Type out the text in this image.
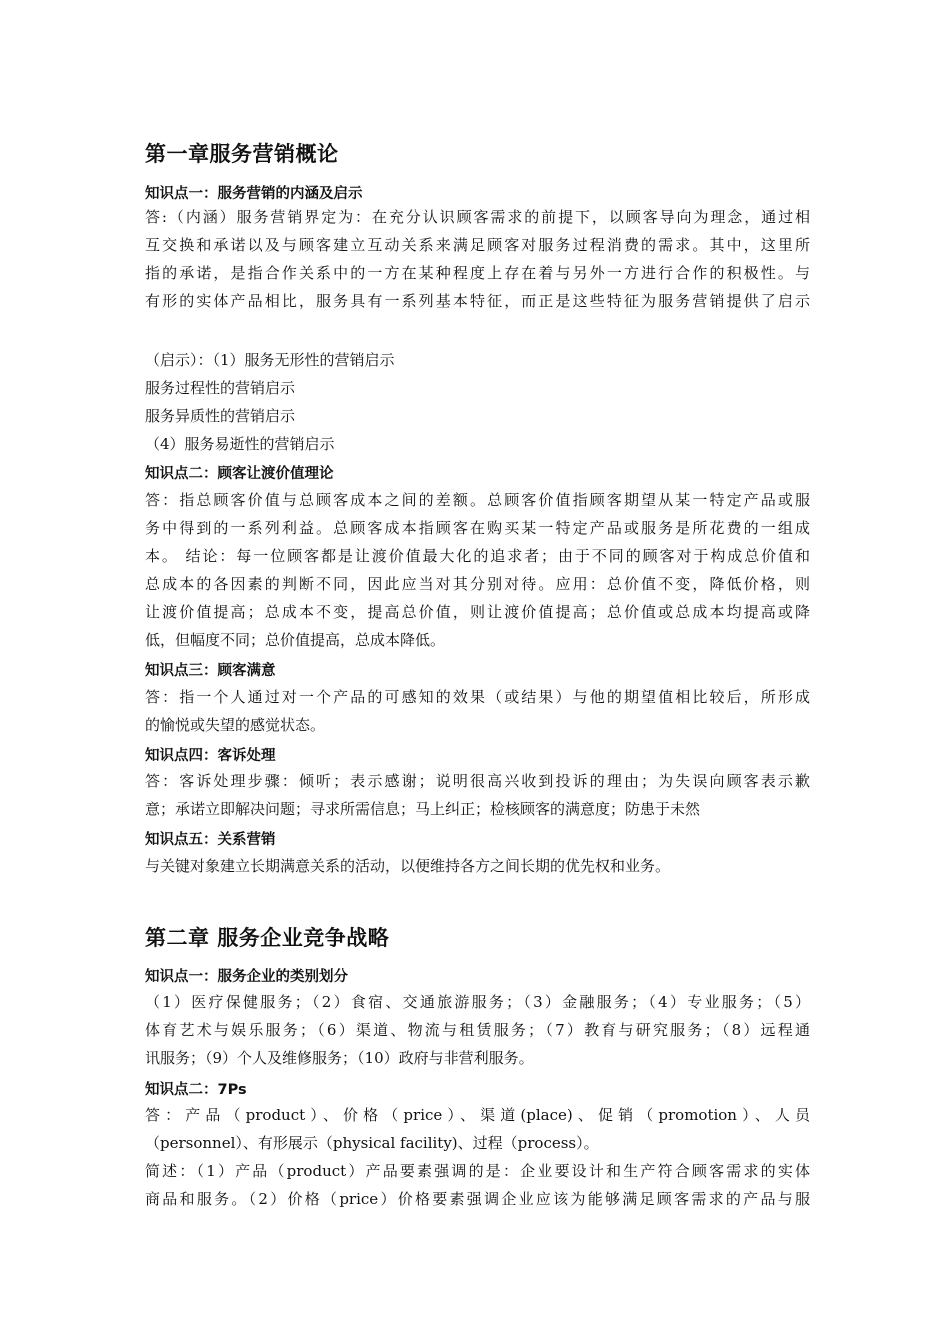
第一章服务营销概论
知识点一：服务营销的内涵及启示
答:（内涵）服务营销界定为：在充分认识顾客需求的前提下，以顾客导向为理念，通过相
互交换和承诺以及与顾客建立互动关系来满足顾客对服务过程消费的需求。其中，这里所
指的承诺，是指合作关系中的一方在某种程度上存在着与另外一方进行合作的积极性。与
有形的实体产品相比，服务具有一系列基本特征，而正是这些特征为服务营销提供了启示
（启示）：（1）服务无形性的营销启示
服务过程性的营销启示
服务异质性的营销启示
（4）服务易逝性的营销启示
知识点二：顾客让渡价值理论
答：指总顾客价值与总顾客成本之间的差额。总顾客价值指顾客期望从某一特定产品或服
务中得到的一系列利益。总顾客成本指顾客在购买某一特定产品或服务是所花费的一组成
本。 结论：每一位顾客都是让渡价值最大化的追求者；由于不同的顾客对于构成总价值和
总成本的各因素的判断不同，因此应当对其分别对待。应用：总价值不变，降低价格，则
让渡价值提高；总成本不变，提高总价值，则让渡价值提高；总价值或总成本均提高或降
低，但幅度不同；总价值提高，总成本降低。
知识点三：顾客满意
答：指一个人通过对一个产品的可感知的效果（或结果）与他的期望值相比较后，所形成
的愉悦或失望的感觉状态。
知识点四：客诉处理
答：客诉处理步骤：倾听；表示感谢；说明很高兴收到投诉的理由；为失误向顾客表示歉
意；承诺立即解决问题；寻求所需信息；马上纠正；检核顾客的满意度；防患于未然
知识点五：关系营销
与关键对象建立长期满意关系的活动，以便维持各方之间长期的优先权和业务。
第二章 服务企业竞争战略
知识点一：服务企业的类别划分
（1）医疗保健服务；（2）食宿、交通旅游服务；（3）金融服务；（4）专业服务；（5）
体育艺术与娱乐服务；（6）渠道、物流与租赁服务；（7）教育与研究服务；（8）远程通
讯服务；（9）个人及维修服务；（10）政府与非营利服务。
知识点二：7Ps
答：产品（product）、价格（price）、渠道(place)、促销（promotion）、人员
（personnel）、有形展示（physical facility)、过程（process）。
简述：（1）产品（product）产品要素强调的是：企业要设计和生产符合顾客需求的实体
商品和服务。（2）价格（price）价格要素强调企业应该为能够满足顾客需求的产品与服
